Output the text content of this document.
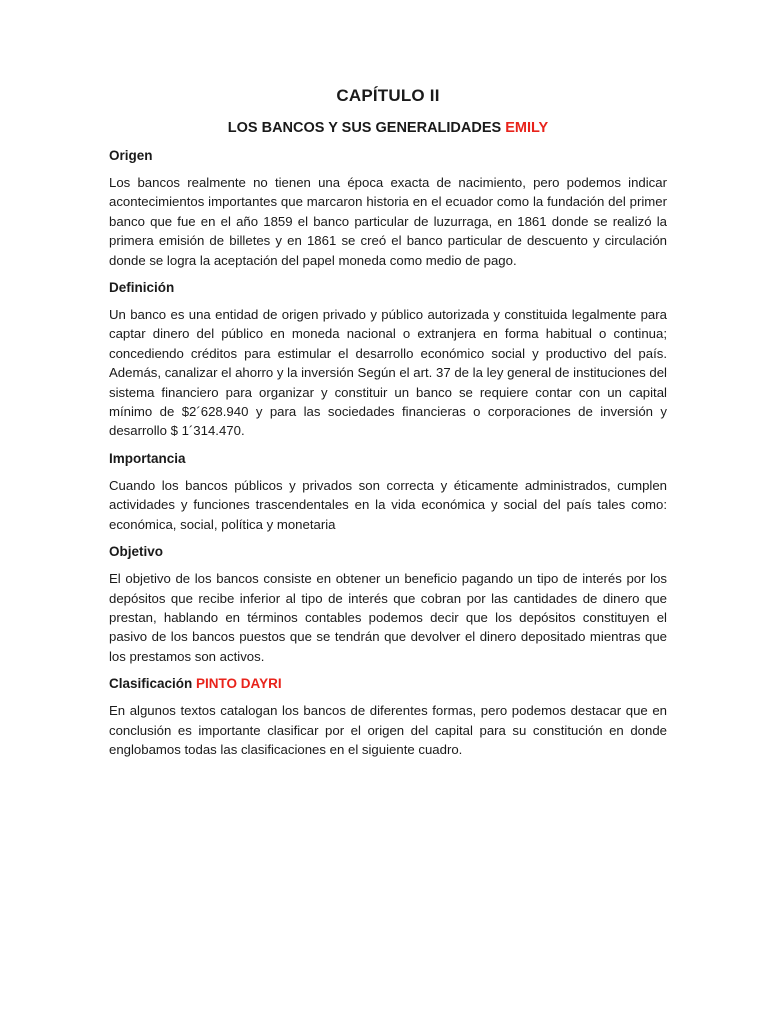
CAPÍTULO II
LOS BANCOS Y SUS GENERALIDADES EMILY
Origen

Los bancos realmente no tienen una época exacta de nacimiento, pero podemos indicar acontecimientos importantes que marcaron historia en el ecuador como la fundación del primer banco que fue en el año 1859 el banco particular de luzurraga, en 1861 donde se realizó la primera emisión de billetes y en 1861 se creó el banco particular de descuento y circulación donde se logra la aceptación del papel moneda como medio de pago.

Definición

Un banco es una entidad de origen privado y público autorizada y constituida legalmente para captar dinero del público en moneda nacional o extranjera en forma habitual o continua; concediendo créditos para estimular el desarrollo económico social y productivo del país. Además, canalizar el ahorro y la inversión Según el art. 37 de la ley general de instituciones del sistema financiero para organizar y constituir un banco se requiere contar con un capital mínimo de $2´628.940 y para las sociedades financieras o corporaciones de inversión y desarrollo $ 1´314.470.

Importancia

Cuando los bancos públicos y privados son correcta y éticamente administrados, cumplen actividades y funciones trascendentales en la vida económica y social del país tales como: económica, social, política y monetaria

Objetivo

El objetivo de los bancos consiste en obtener un beneficio pagando un tipo de interés por los depósitos que recibe inferior al tipo de interés que cobran por las cantidades de dinero que prestan, hablando en términos contables podemos decir que los depósitos constituyen el pasivo de los bancos puestos que se tendrán que devolver el dinero depositado mientras que los prestamos son activos.

Clasificación PINTO DAYRI

En algunos textos catalogan los bancos de diferentes formas, pero podemos destacar que en conclusión es importante clasificar por el origen del capital para su constitución en donde englobamos todas las clasificaciones en el siguiente cuadro.
